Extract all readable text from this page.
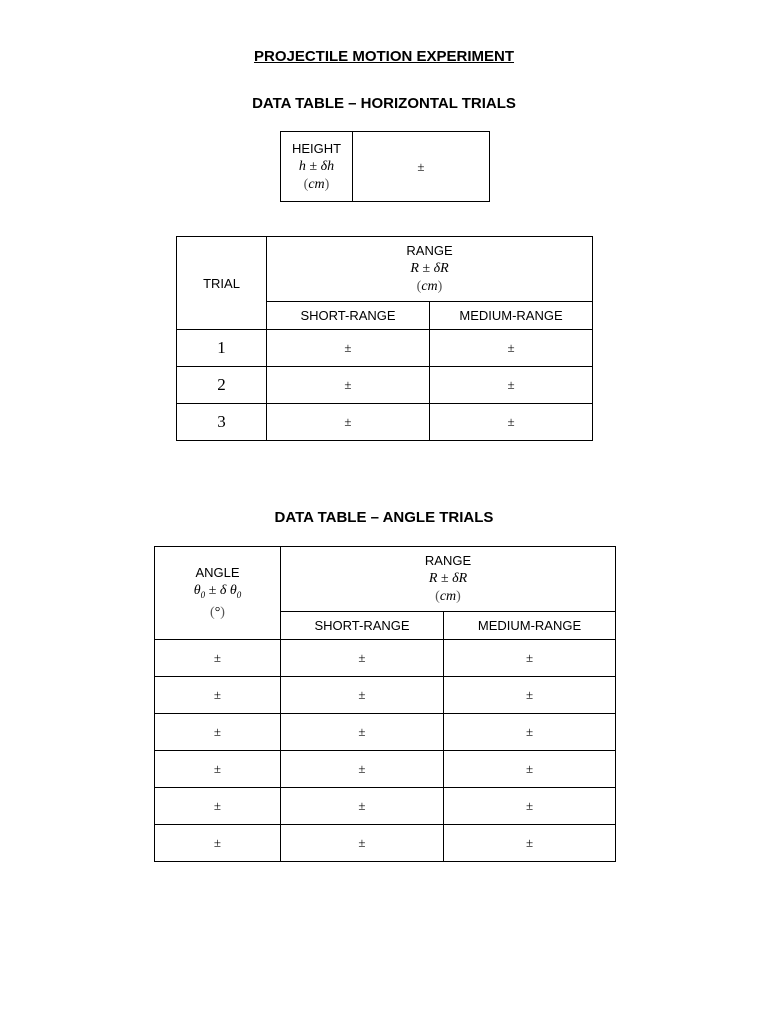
PROJECTILE MOTION EXPERIMENT
DATA TABLE – HORIZONTAL TRIALS
HEIGHT
h ± δh
(cm)
	±
TRIAL	RANGE
R ± δR
(cm)	

	SHORT-RANGE	MEDIUM-RANGE
1	±	±
2	±	±
3	±	±
DATA TABLE – ANGLE TRIALS
ANGLE
$\theta_0 \pm \delta$ $\theta_0$
(°)	RANGE
R ± δR
(cm)	

	SHORT-RANGE	MEDIUM-RANGE
±	±	±
±	±	±
±	±	±
±	±	±
±	±	±
±	±	±
